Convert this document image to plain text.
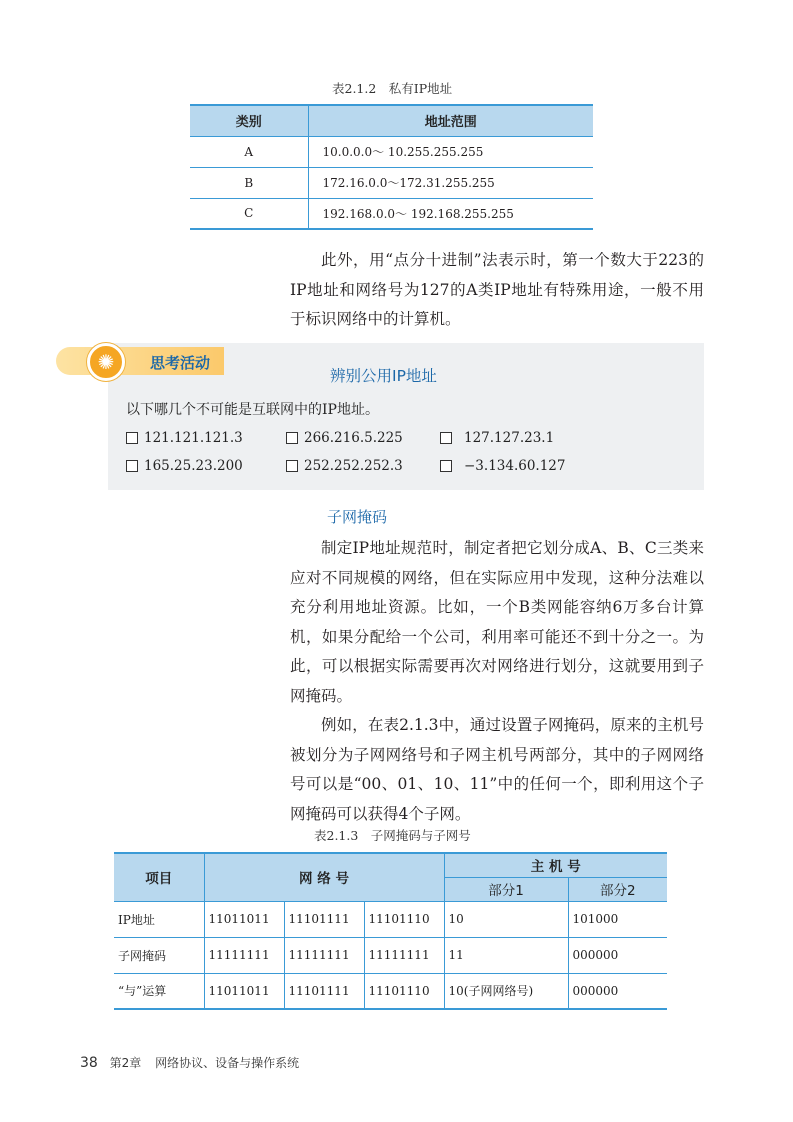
表2.1.2　私有IP地址
类别	地址范围
A	10.0.0.0～ 10.255.255.255
B	172.16.0.0～172.31.255.255
C	192.168.0.0～ 192.168.255.255

此外，用“点分十进制”法表示时，第一个数大于223的IP地址和网络号为127的A类IP地址有特殊用途，一般不用于标识网络中的计算机。

✺	思考活动
辨别公用IP地址
以下哪几个不可能是互联网中的IP地址。
121.121.121.3	266.216.5.225	127.127.23.1
165.25.23.200	252.252.252.3	−3.134.60.127
子网掩码

制定IP地址规范时，制定者把它划分成A、B、C三类来应对不同规模的网络，但在实际应用中发现，这种分法难以充分利用地址资源。比如，一个B类网能容纳6万多台计算机，如果分配给一个公司，利用率可能还不到十分之一。为此，可以根据实际需要再次对网络进行划分，这就要用到子网掩码。

例如，在表2.1.3中，通过设置子网掩码，原来的主机号被划分为子网网络号和子网主机号两部分，其中的子网网络号可以是“00、01、10、11”中的任何一个，即利用这个子网掩码可以获得4个子网。

表2.1.3　子网掩码与子网号
项目	网 络 号			主 机 号	
				部分1	部分2
IP地址	11011011	11101111	11101110	10	101000
子网掩码	11111111	11111111	11111111	11	000000
“与”运算	11011011	11101111	11101110	10(子网网络号)	000000
38 第2章 网络协议、设备与操作系统
